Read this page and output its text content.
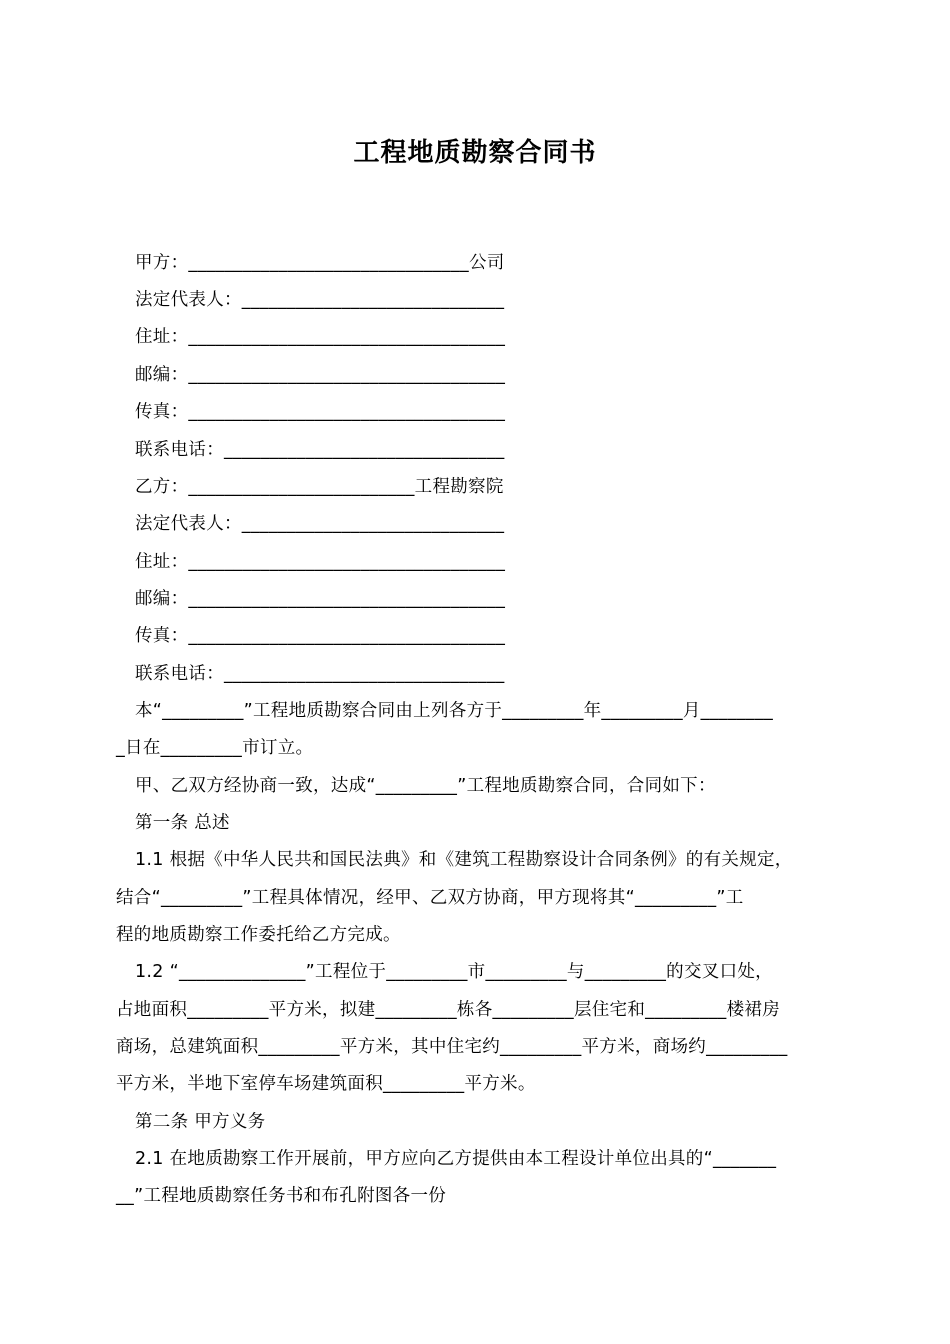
工程地质勘察合同书
甲方：_______________________________公司
法定代表人：_____________________________
住址：___________________________________
邮编：___________________________________
传真：___________________________________
联系电话：_______________________________
乙方：_________________________工程勘察院
法定代表人：_____________________________
住址：___________________________________
邮编：___________________________________
传真：___________________________________
联系电话：_______________________________
本“_________”工程地质勘察合同由上列各方于_________年_________月________
_日在_________市订立。
甲、乙双方经协商一致，达成“_________”工程地质勘察合同，合同如下：
第一条 总述
1.1 根据《中华人民共和国民法典》和《建筑工程勘察设计合同条例》的有关规定，
结合“_________”工程具体情况，经甲、乙双方协商，甲方现将其“_________”工
程的地质勘察工作委托给乙方完成。
1.2 “______________”工程位于_________市_________与_________的交叉口处，
占地面积_________平方米，拟建_________栋各_________层住宅和_________楼裙房
商场，总建筑面积_________平方米，其中住宅约_________平方米，商场约_________
平方米，半地下室停车场建筑面积_________平方米。
第二条 甲方义务
2.1 在地质勘察工作开展前，甲方应向乙方提供由本工程设计单位出具的“_______
__”工程地质勘察任务书和布孔附图各一份
